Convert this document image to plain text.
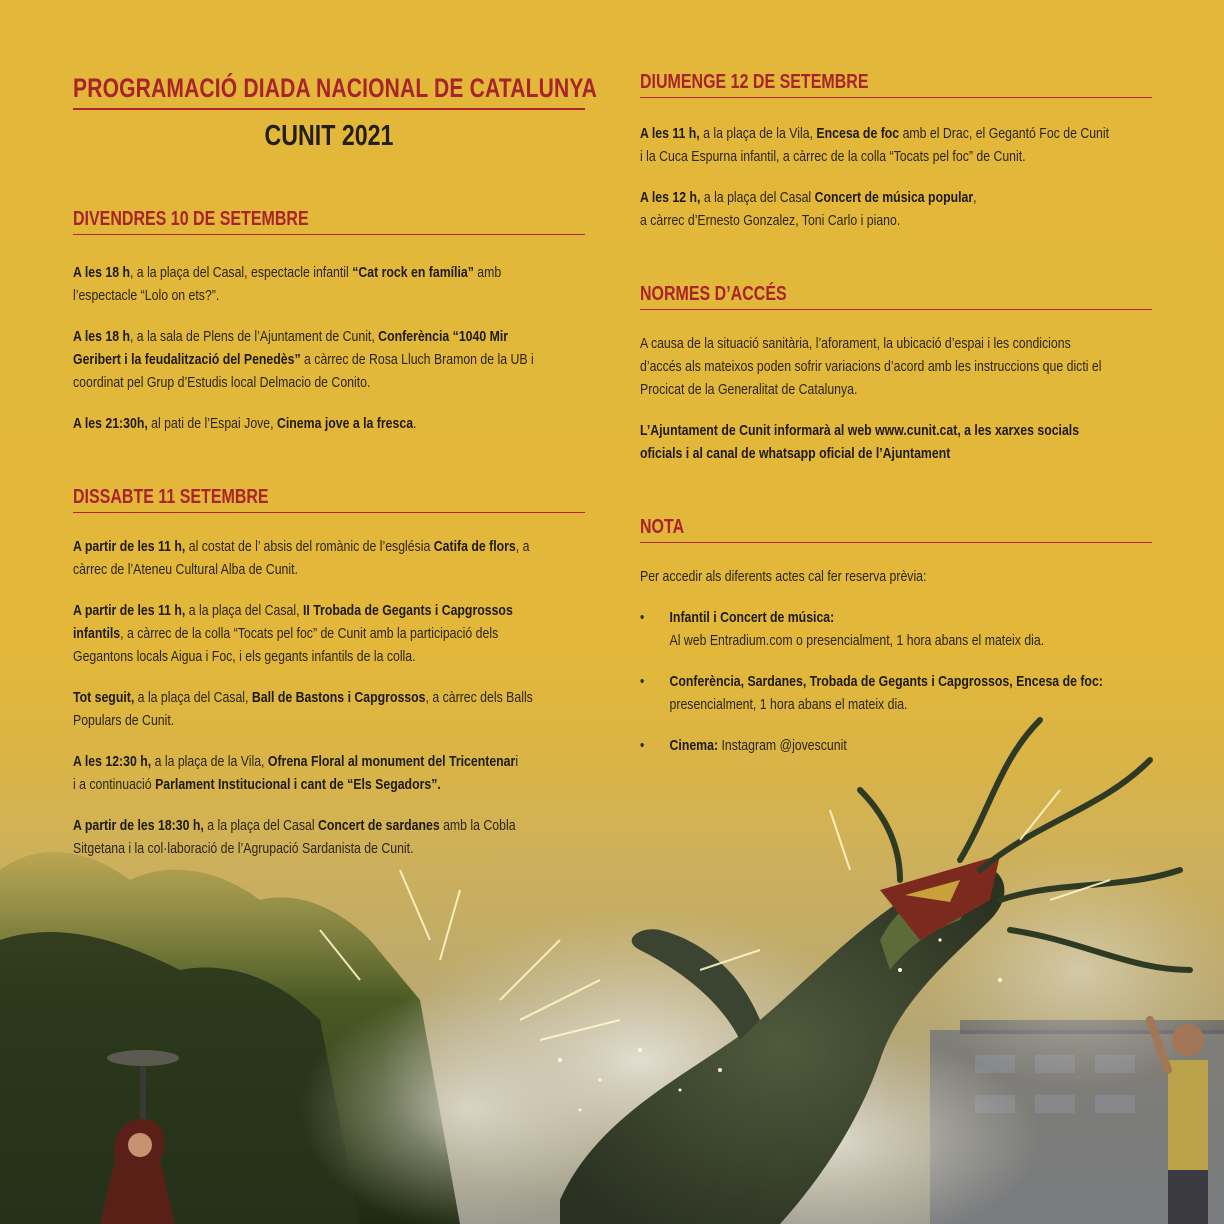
PROGRAMACIÓ DIADA NACIONAL DE CATALUNYA
CUNIT 2021
DIVENDRES 10 DE SETEMBRE

A les 18 h, a la plaça del Casal, espectacle infantil “Cat rock en família” amb
l’espectacle “Lolo on ets?”.

A les 18 h, a la sala de Plens de l’Ajuntament de Cunit, Conferència “1040 Mir
Geribert i la feudalització del Penedès” a càrrec de Rosa Lluch Bramon de la UB i
coordinat pel Grup d’Estudis local Delmacio de Conito.

A les 21:30h, al pati de l’Espai Jove, Cinema jove a la fresca.

DISSABTE 11 SETEMBRE

A partir de les 11 h, al costat de l’ absis del romànic de l’església Catifa de flors, a
càrrec de l’Ateneu Cultural Alba de Cunit.

A partir de les 11 h, a la plaça del Casal, II Trobada de Gegants i Capgrossos
infantils, a càrrec de la colla “Tocats pel foc” de Cunit amb la participació dels
Gegantons locals Aigua i Foc, i els gegants infantils de la colla.

Tot seguit, a la plaça del Casal, Ball de Bastons i Capgrossos, a càrrec dels Balls
Populars de Cunit.

A les 12:30 h, a la plaça de la Vila, Ofrena Floral al monument del Tricentenari
i a continuació Parlament Institucional i cant de “Els Segadors”.

A partir de les 18:30 h, a la plaça del Casal Concert de sardanes amb la Cobla
Sitgetana i la col·laboració de l’Agrupació Sardanista de Cunit.

DIUMENGE 12 DE SETEMBRE

A les 11 h, a la plaça de la Vila, Encesa de foc amb el Drac, el Gegantó Foc de Cunit
i la Cuca Espurna infantil, a càrrec de la colla “Tocats pel foc” de Cunit.

A les 12 h, a la plaça del Casal Concert de música popular,
a càrrec d’Ernesto Gonzalez, Toni Carlo i piano.

NORMES D’ACCÉS

A causa de la situació sanitària, l’aforament, la ubicació d’espai i les condicions
d’accés als mateixos poden sofrir variacions d’acord amb les instruccions que dicti el
Procicat de la Generalitat de Catalunya.

L’Ajuntament de Cunit informarà al web www.cunit.cat, a les xarxes socials
oficials i al canal de whatsapp oficial de l’Ajuntament

NOTA

Per accedir als diferents actes cal fer reserva prèvia:

• Infantil i Concert de música:
Al web Entradium.com o presencialment, 1 hora abans el mateix dia.
• Conferència, Sardanes, Trobada de Gegants i Capgrossos, Encesa de foc:
presencialment, 1 hora abans el mateix dia.
• Cinema: Instagram @jovescunit
